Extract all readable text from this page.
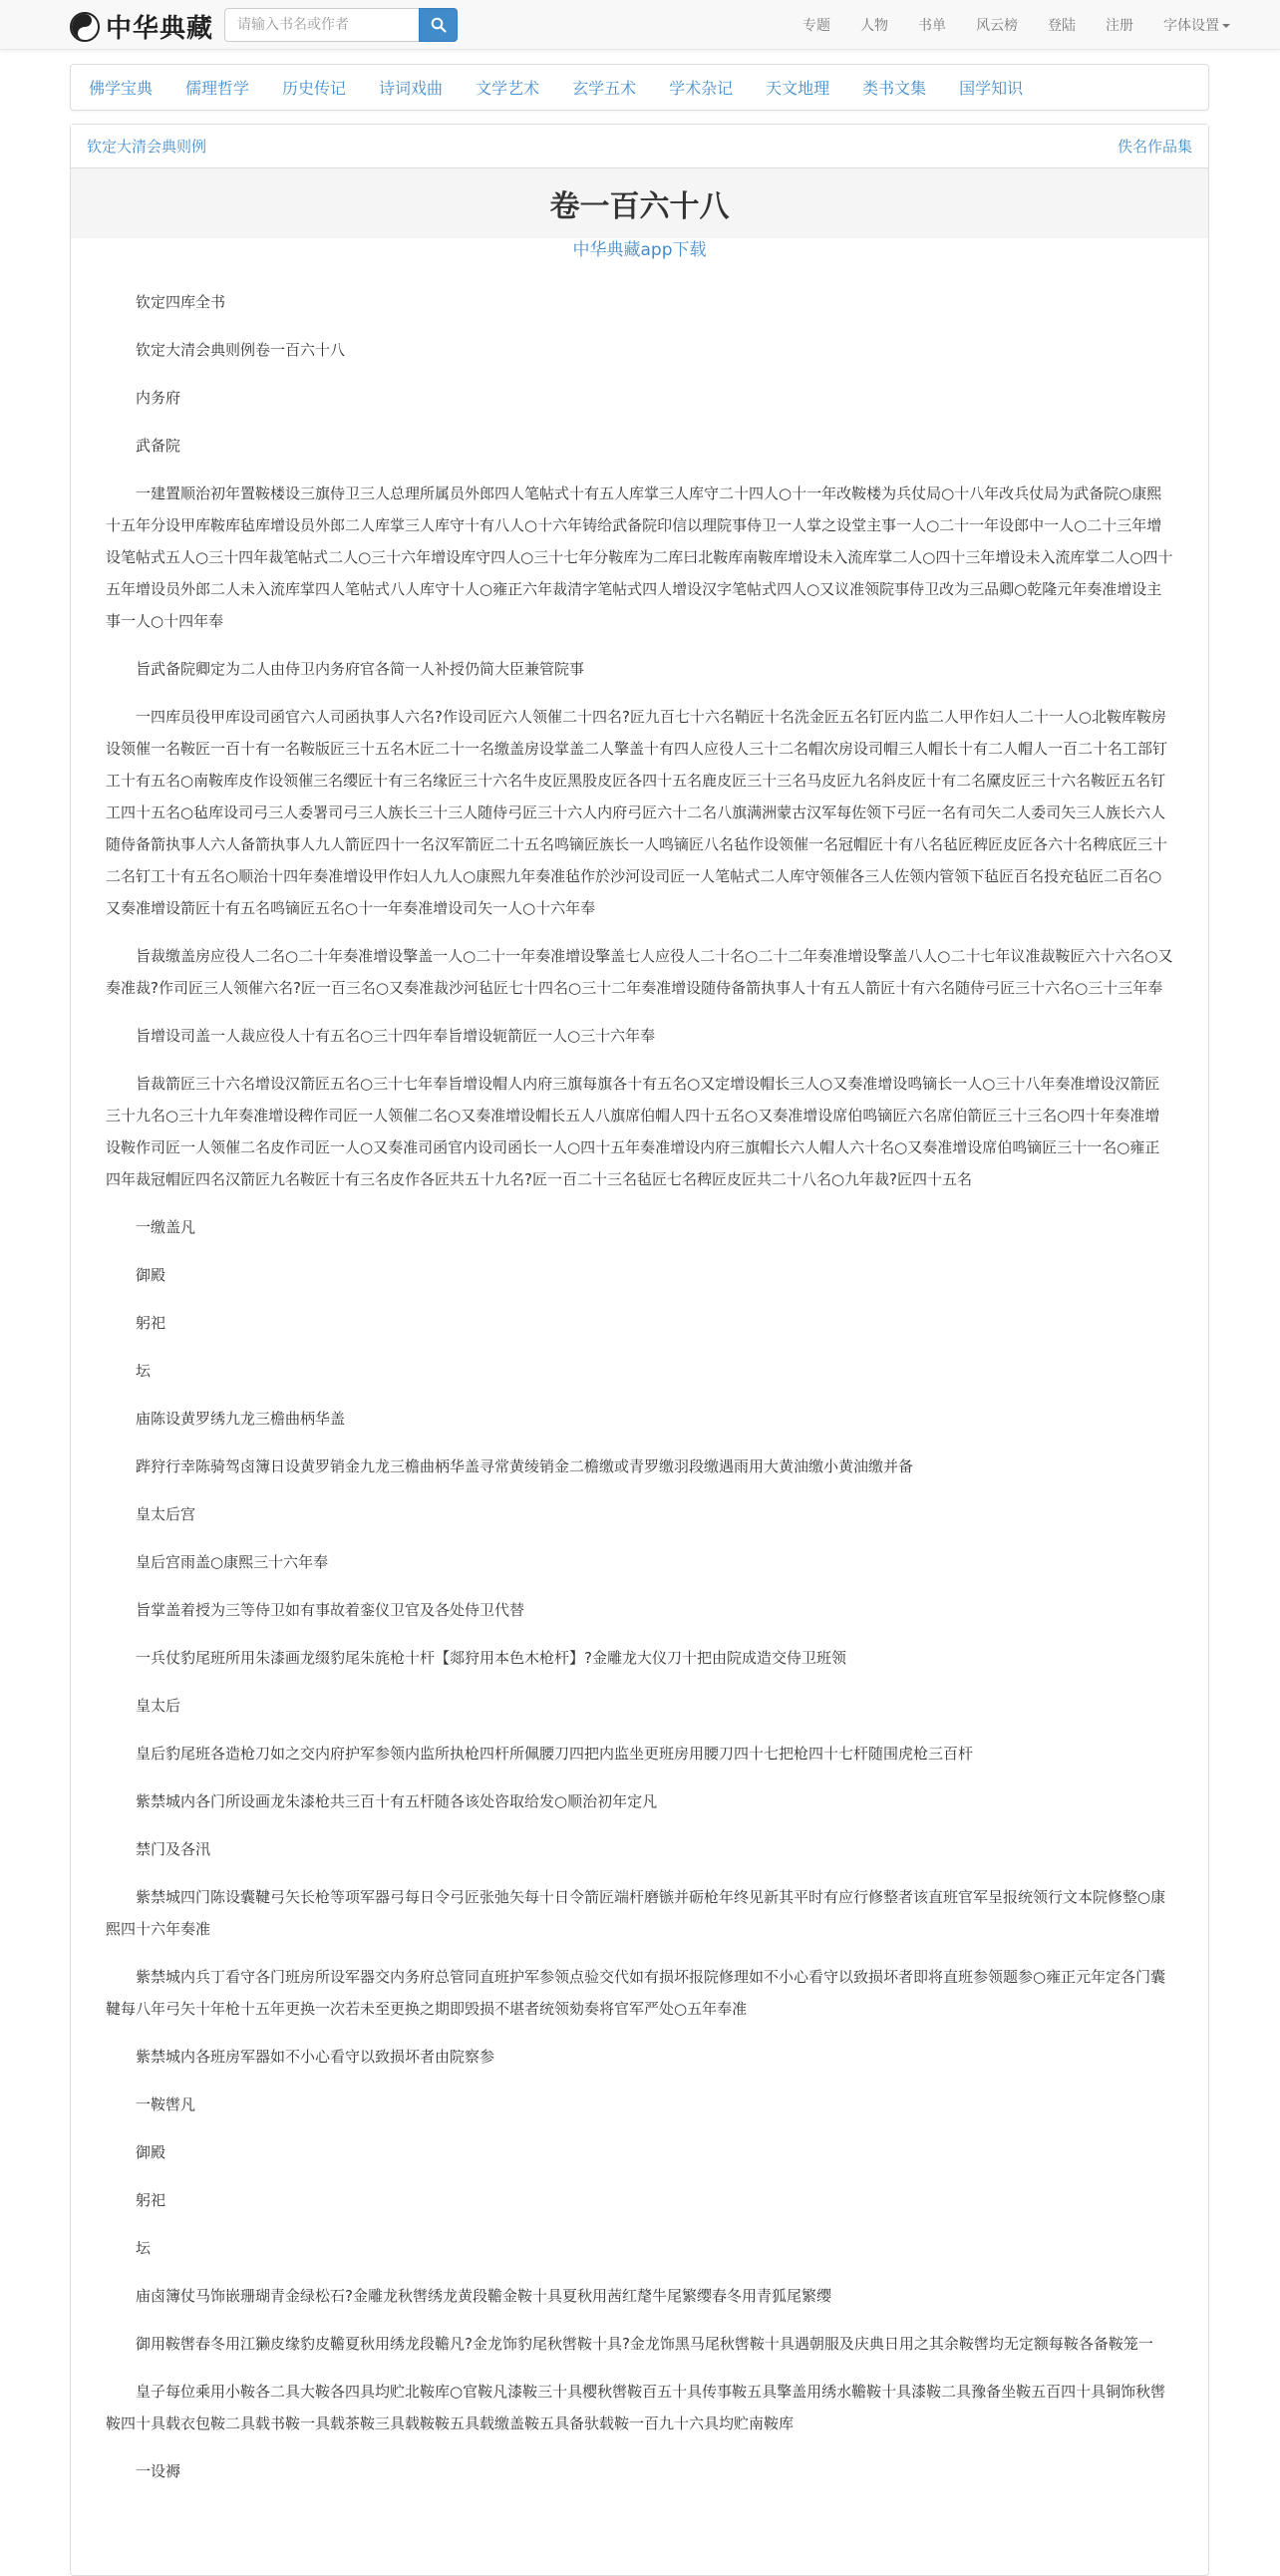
中华典藏
请输入书名或作者	专题 人物 书单 风云榜 登陆 注册 字体设置
佛学宝典 儒理哲学 历史传记 诗词戏曲 文学艺术 玄学五术 学术杂记 天文地理 类书文集 国学知识
钦定大清会典则例	佚名作品集
卷一百六十八
中华典藏app下载

钦定四库全书

钦定大清会典则例卷一百六十八

内务府

武备院

一建置顺治初年置鞍楼设三旗侍卫三人总理所属员外郎四人笔帖式十有五人库掌三人库守二十四人○十一年改鞍楼为兵仗局○十八年改兵仗局为武备院○康熙十五年分设甲库鞍库毡库增设员外郎二人库掌三人库守十有八人○十六年铸给武备院印信以理院事侍卫一人掌之设堂主事一人○二十一年设郎中一人○二十三年增设笔帖式五人○三十四年裁笔帖式二人○三十六年增设库守四人○三十七年分鞍库为二库曰北鞍库南鞍库增设未入流库掌二人○四十三年增设未入流库掌二人○四十五年增设员外郎二人未入流库掌四人笔帖式八人库守十人○雍正六年裁清字笔帖式四人增设汉字笔帖式四人○又议准领院事侍卫改为三品卿○乾隆元年奏准增设主事一人○十四年奉

旨武备院卿定为二人由侍卫内务府官各简一人补授仍简大臣兼管院事

一四库员役甲库设司函官六人司函执事人六名?作设司匠六人领催二十四名?匠九百七十六名鞘匠十名洗金匠五名钉匠内监二人甲作妇人二十一人○北鞍库鞍房设领催一名鞍匠一百十有一名鞍版匠三十五名木匠二十一名缴盖房设掌盖二人擎盖十有四人应役人三十二名帽次房设司帽三人帽长十有二人帽人一百二十名工部钉工十有五名○南鞍库皮作设领催三名缨匠十有三名缘匠三十六名牛皮匠黑股皮匠各四十五名鹿皮匠三十三名马皮匠九名斜皮匠十有二名黡皮匠三十六名鞍匠五名钉工四十五名○毡库设司弓三人委署司弓三人族长三十三人随侍弓匠三十六人内府弓匠六十二名八旗满洲蒙古汉军每佐领下弓匠一名有司矢二人委司矢三人族长六人随侍备箭执事人六人备箭执事人九人箭匠四十一名汉军箭匠二十五名鸣镝匠族长一人鸣镝匠八名毡作设领催一名冠帽匠十有八名毡匠稗匠皮匠各六十名稗底匠三十二名钉工十有五名○顺治十四年奏准增设甲作妇人九人○康熙九年奏准毡作於沙河设司匠一人笔帖式二人库守领催各三人佐领内管领下毡匠百名投充毡匠二百名○又奏准增设箭匠十有五名鸣镝匠五名○十一年奏准增设司矢一人○十六年奉

旨裁缴盖房应役人二名○二十年奏准增设擎盖一人○二十一年奏准增设擎盖七人应役人二十名○二十二年奏准增设擎盖八人○二十七年议准裁鞍匠六十六名○又奏准裁?作司匠三人领催六名?匠一百三名○又奏准裁沙河毡匠七十四名○三十二年奏准增设随侍备箭执事人十有五人箭匠十有六名随侍弓匠三十六名○三十三年奉

旨增设司盖一人裁应役人十有五名○三十四年奉旨增设轭箭匠一人○三十六年奉

旨裁箭匠三十六名增设汉箭匠五名○三十七年奉旨增设帽人内府三旗每旗各十有五名○又定增设帽长三人○又奏准增设鸣镝长一人○三十八年奏准增设汉箭匠三十九名○三十九年奏准增设稗作司匠一人领催二名○又奏准增设帽长五人八旗席伯帽人四十五名○又奏准增设席伯鸣镝匠六名席伯箭匠三十三名○四十年奏准增设鞍作司匠一人领催二名皮作司匠一人○又奏准司函官内设司函长一人○四十五年奏准增设内府三旗帽长六人帽人六十名○又奏准增设席伯鸣镝匠三十一名○雍正四年裁冠帽匠四名汉箭匠九名鞍匠十有三名皮作各匠共五十九名?匠一百二十三名毡匠七名稗匠皮匠共二十八名○九年裁?匠四十五名

一缴盖凡

御殿

躬祀

坛

庙陈设黄罗绣九龙三檐曲柄华盖

跸狩行幸陈骑驾卤簿日设黄罗销金九龙三檐曲柄华盖寻常黄绫销金二檐缴或青罗缴羽段缴遇雨用大黄油缴小黄油缴并备

皇太后宫

皇后宫雨盖○康熙三十六年奉

旨掌盖着授为三等侍卫如有事故着銮仪卫官及各处侍卫代替

一兵仗豹尾班所用朱漆画龙缀豹尾朱旄枪十杆【郯狩用本色木枪杆】?金雕龙大仪刀十把由院成造交侍卫班领

皇太后

皇后豹尾班各造枪刀如之交内府护军参领内监所执枪四杆所佩腰刀四把内监坐更班房用腰刀四十七把枪四十七杆随围虎枪三百杆

紫禁城内各门所设画龙朱漆枪共三百十有五杆随各该处咨取给发○顺治初年定凡

禁门及各汛

紫禁城四门陈设囊鞬弓矢长枪等项军器弓每日令弓匠张弛矢每十日令箭匠端杆磨镞并砺枪年终见新其平时有应行修整者该直班官军呈报统领行文本院修整○康熙四十六年奏准

紫禁城内兵丁看守各门班房所设军器交内务府总管同直班护军参领点验交代如有损坏报院修理如不小心看守以致损坏者即将直班参领题参○雍正元年定各门囊鞬每八年弓矢十年枪十五年更换一次若未至更换之期即毁损不堪者统领劾奏将官军严处○五年奉准

紫禁城内各班房军器如不小心看守以致损坏者由院察参

一鞍辔凡

御殿

躬祀

坛

庙卤簿仗马饰嵌珊瑚青金绿松石?金雕龙秋辔绣龙黄段韂金鞍十具夏秋用茜红氂牛尾繁缨春冬用青狐尾繁缨

御用鞍辔春冬用江獭皮缘豹皮韂夏秋用绣龙段韂凡?金龙饰豹尾秋辔鞍十具?金龙饰黑马尾秋辔鞍十具遇朝服及庆典日用之其余鞍辔均无定额每鞍各备鞍笼一

皇子每位乘用小鞍各二具大鞍各四具均贮北鞍库○官鞍凡漆鞍三十具樱秋辔鞍百五十具传事鞍五具擎盖用绣水韂鞍十具漆鞍二具豫备坐鞍五百四十具铜饰秋辔鞍四十具载衣包鞍二具载书鞍一具载茶鞍三具载鞍鞍五具载缴盖鞍五具备驮载鞍一百九十六具均贮南鞍库

一设褥
